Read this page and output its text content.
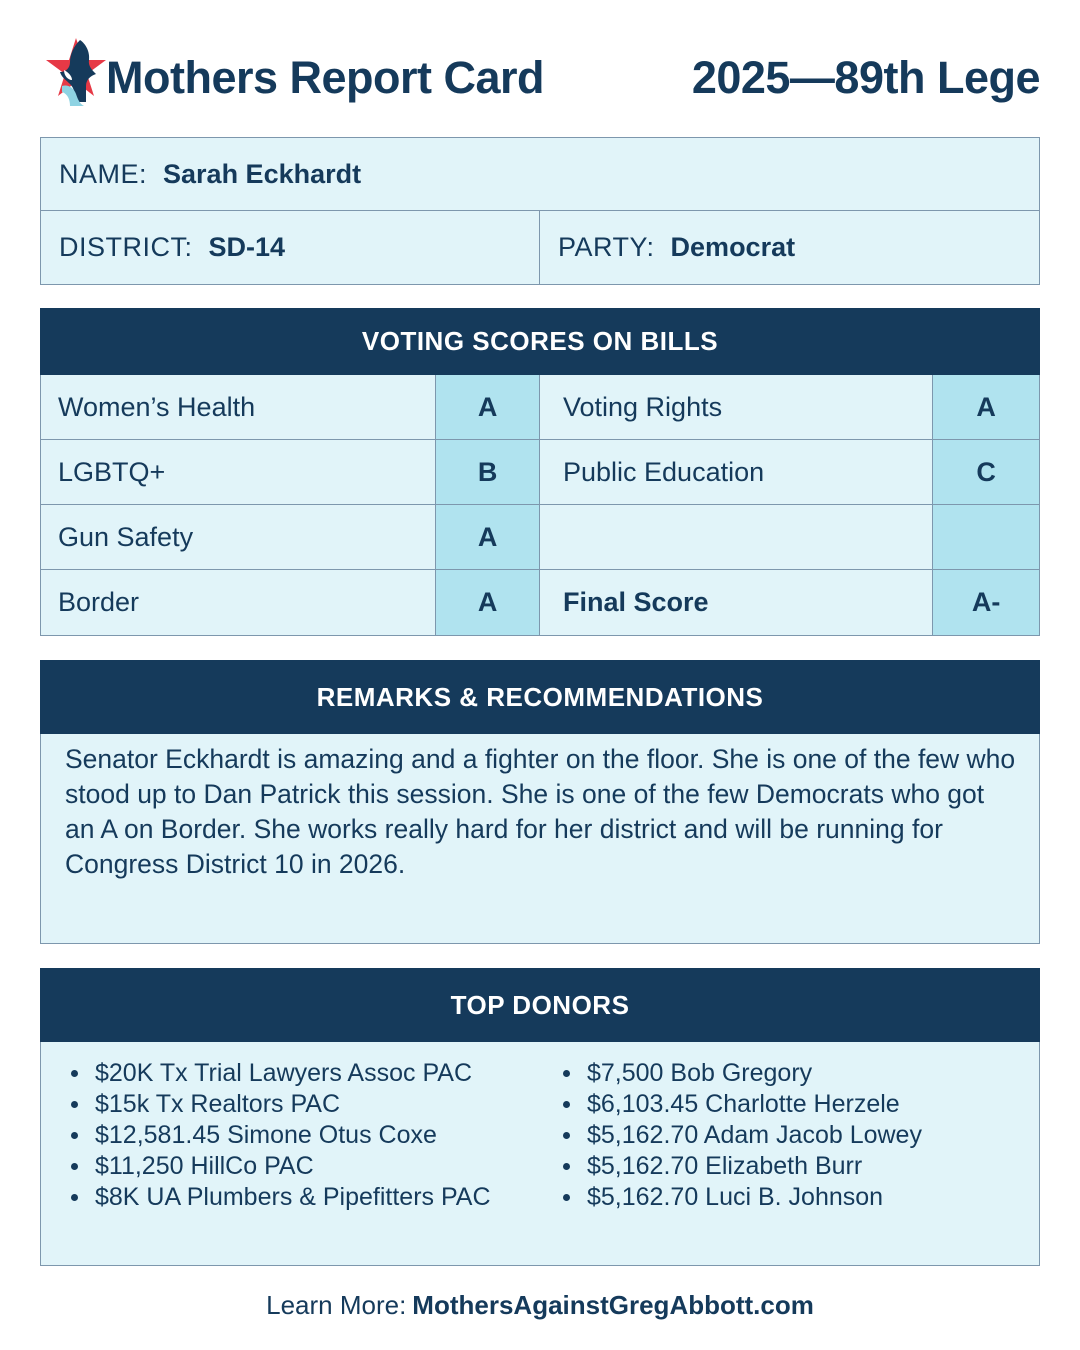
Mothers Report Card	2025—89th Lege
NAME: Sarah Eckhardt
DISTRICT: SD-14	PARTY: Democrat
VOTING SCORES ON BILLS
Women’s Health	A	Voting Rights	A
LGBTQ+	B	Public Education	C
Gun Safety	A
Border	A	Final Score	A-
REMARKS & RECOMMENDATIONS
Senator Eckhardt is amazing and a fighter on the floor. She is one of the few who stood up to Dan Patrick this session. She is one of the few Democrats who got an A on Border. She works really hard for her district and will be running for Congress District 10 in 2026.
TOP DONORS
$20K Tx Trial Lawyers Assoc PAC
$15k Tx Realtors PAC
$12,581.45 Simone Otus Coxe
$11,250 HillCo PAC
$8K UA Plumbers & Pipefitters PAC
$7,500 Bob Gregory
$6,103.45 Charlotte Herzele
$5,162.70 Adam Jacob Lowey
$5,162.70 Elizabeth Burr
$5,162.70 Luci B. Johnson
Learn More: MothersAgainstGregAbbott.com
